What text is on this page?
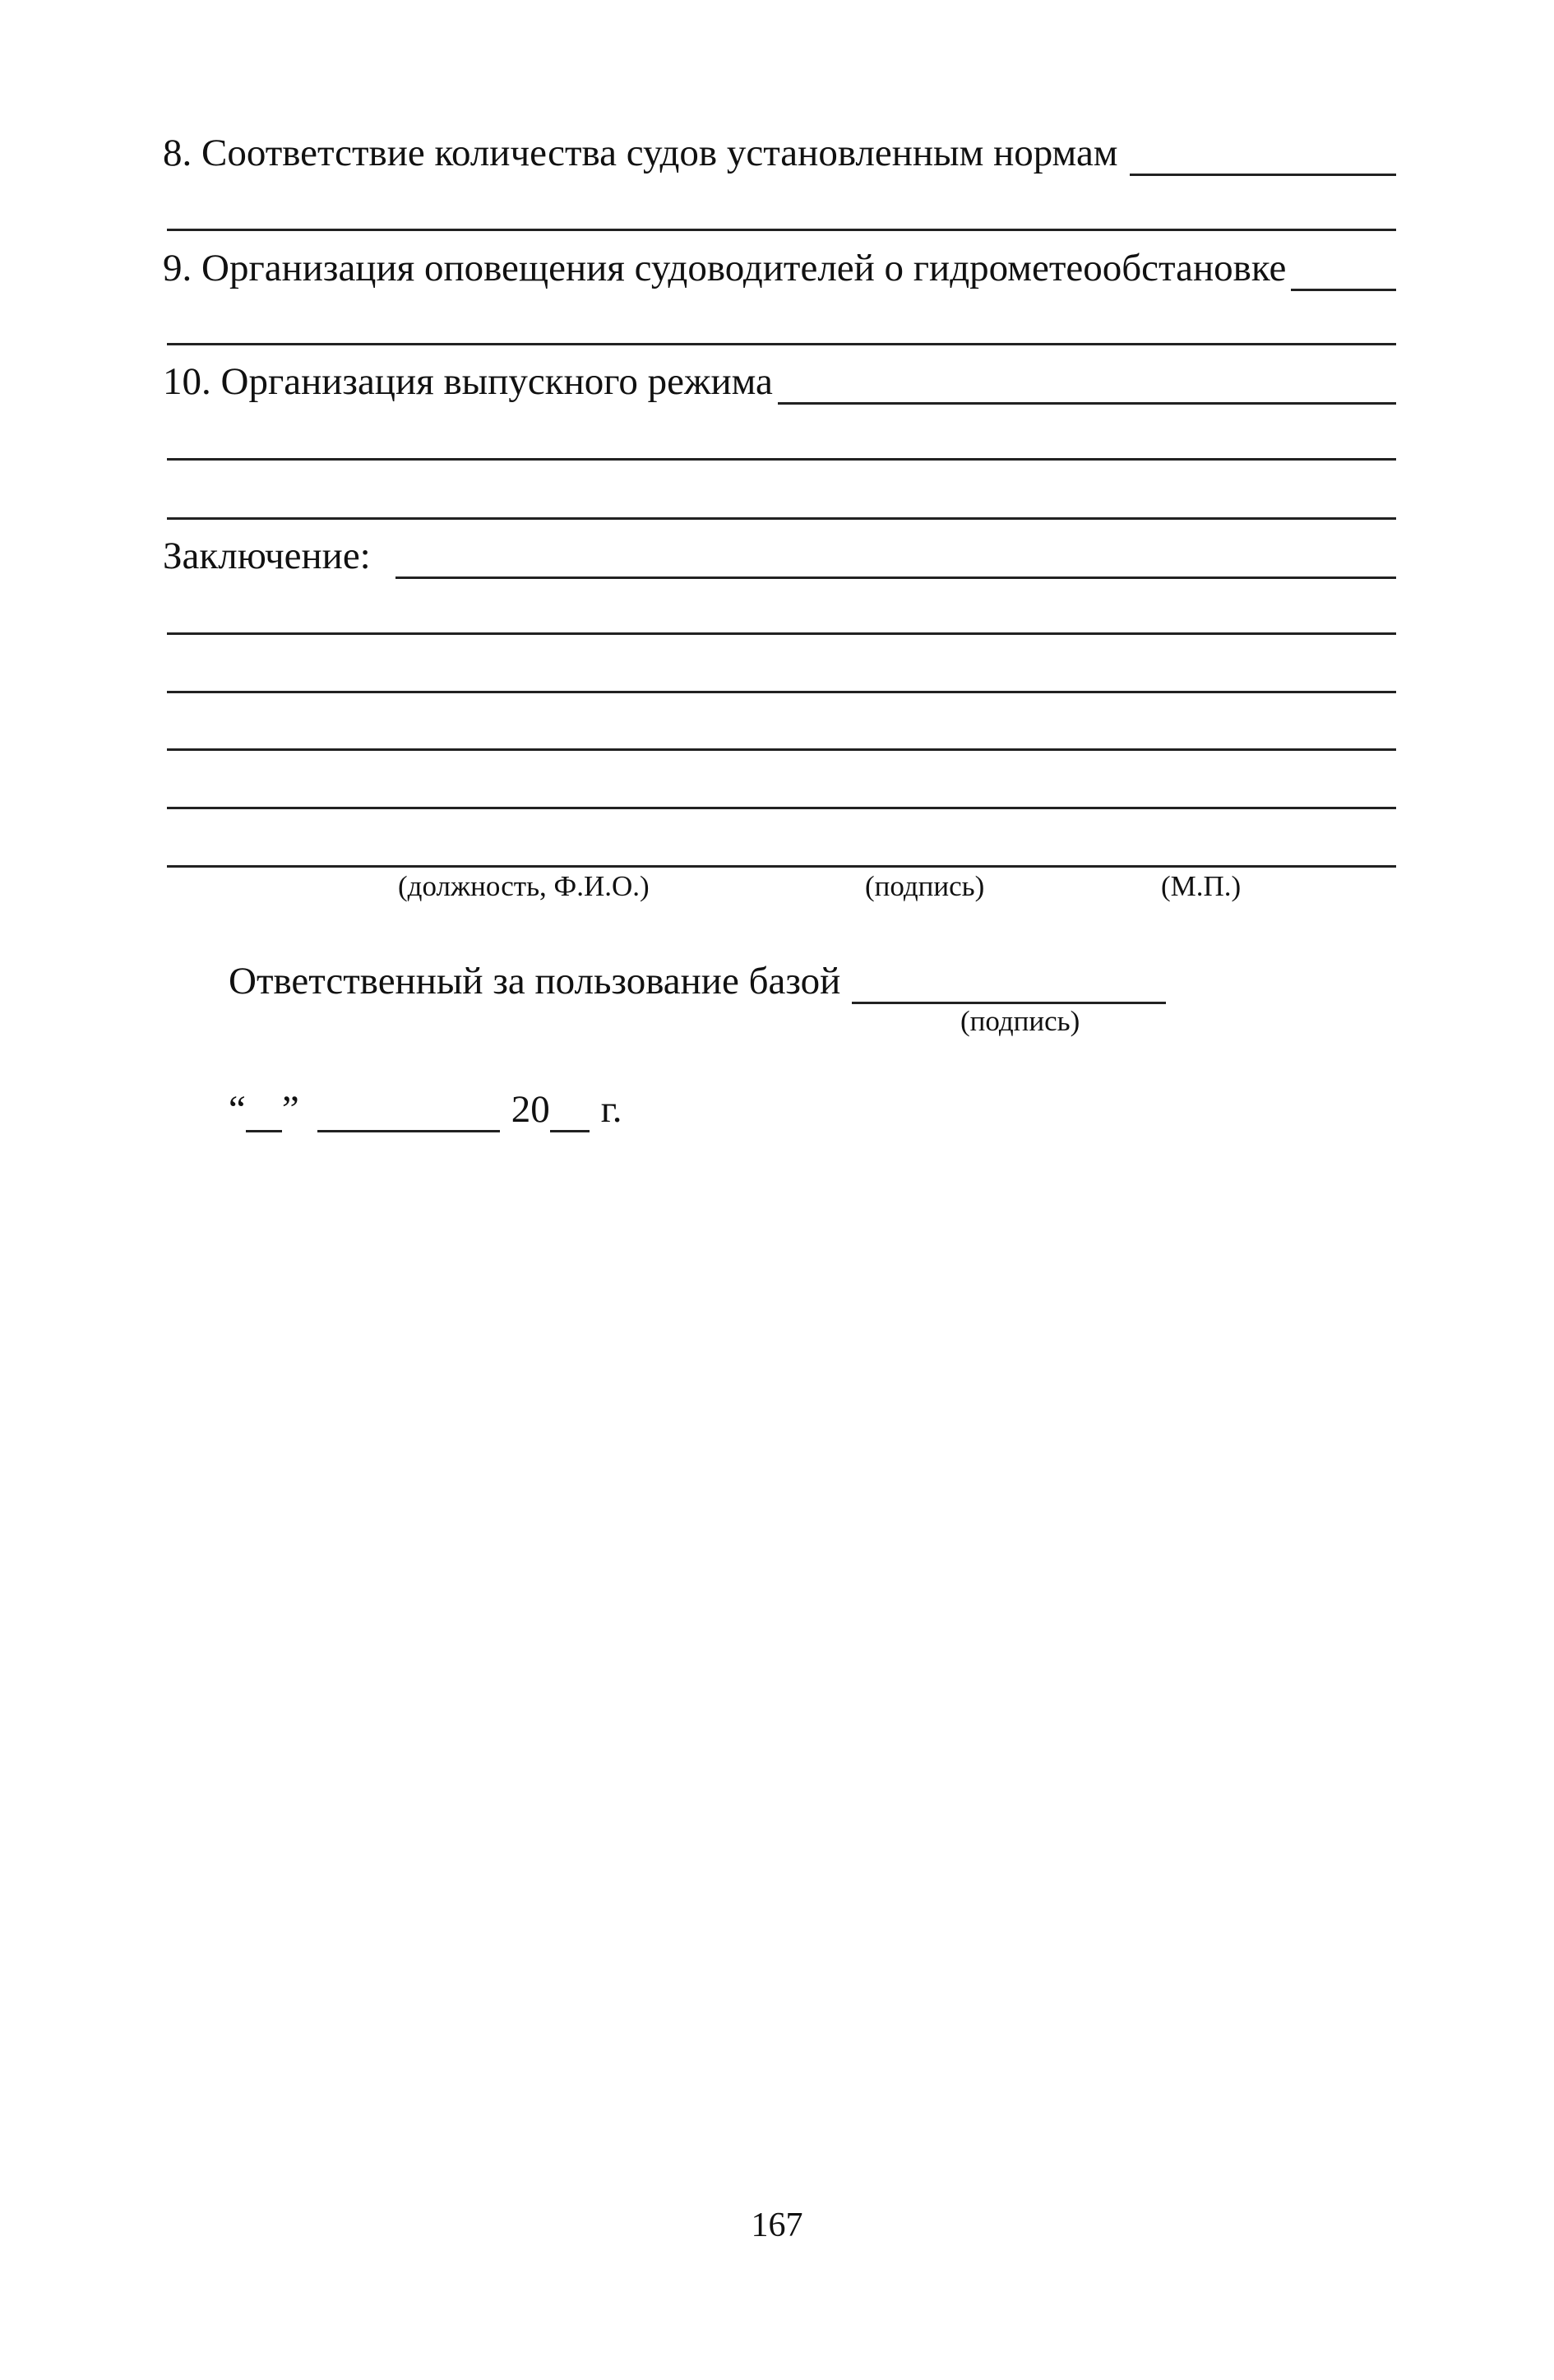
8. Соответствие количества судов установленным нормам
9. Организация оповещения судоводителей о гидрометеообстановке
10. Организация выпускного режима
Заключение:
(должность, Ф.И.О.)	(подпись)	(М.П.)
Ответственный за пользование базой
(подпись)
“ ”	20 г.
167
